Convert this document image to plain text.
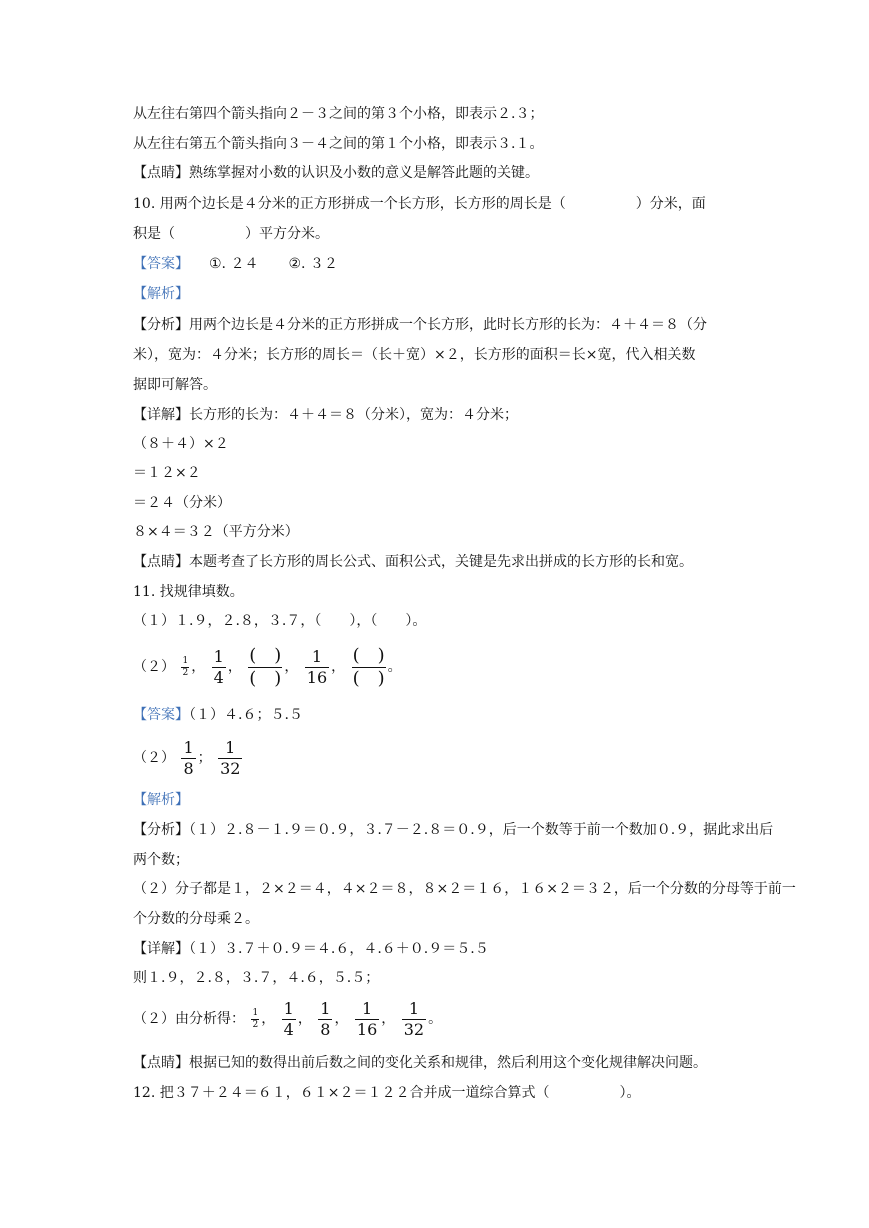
从左往右第四个箭头指向２－３之间的第３个小格，即表示２.３；
从左往右第五个箭头指向３－４之间的第１个小格，即表示３.１。
【点睛】熟练掌握对小数的认识及小数的意义是解答此题的关键。
10. 用两个边长是４分米的正方形拼成一个长方形，长方形的周长是（　　　　　）分米，面
积是（　　　　　）平方分米。
【答案】 ①. ２４ ②. ３２
【解析】
【分析】用两个边长是４分米的正方形拼成一个长方形，此时长方形的长为：４＋４＝８（分
米），宽为：４分米；长方形的周长＝（长＋宽）×２，长方形的面积＝长×宽，代入相关数
据即可解答。
【详解】长方形的长为：４＋４＝８（分米），宽为：４分米；
（８＋４）×２
＝１２×２
＝２４（分米）
８×４＝３２（平方分米）
【点睛】本题考查了长方形的周长公式、面积公式，关键是先求出拼成的长方形的长和宽。
11. 找规律填数。
（１）１.９，２.８，３.７，（　　），（　　）。
$(2) \frac{1}{2}$ ， $\frac{1}{4}$ ， $\frac{( )}{( )}$ ， $\frac{1}{16}$ ， $\frac{( )}{( )}$ 。
【答案】（１）４.６；５.５
$(2) \frac{1}{8}$ ； $\frac{1}{32}$
【解析】
【分析】（１）２.８－１.９＝０.９，３.７－２.８＝０.９，后一个数等于前一个数加０.９，据此求出后
两个数；
（２）分子都是１，２×２＝４，４×２＝８，８×２＝１６，１６×２＝３２，后一个分数的分母等于前一
个分数的分母乘２。
【详解】（１）３.７＋０.９＝４.６，４.６＋０.９＝５.５
则１.９，２.８，３.７，４.６，５.５；
（２）由分析得： $\frac{1}{2}$ ， $\frac{1}{4}$ ， $\frac{1}{8}$ ， $\frac{1}{16}$ ， $\frac{1}{32}$ 。
【点睛】根据已知的数得出前后数之间的变化关系和规律，然后利用这个变化规律解决问题。
12. 把３７＋２４＝６１，６１×２＝１２２合并成一道综合算式（　　　　　）。
